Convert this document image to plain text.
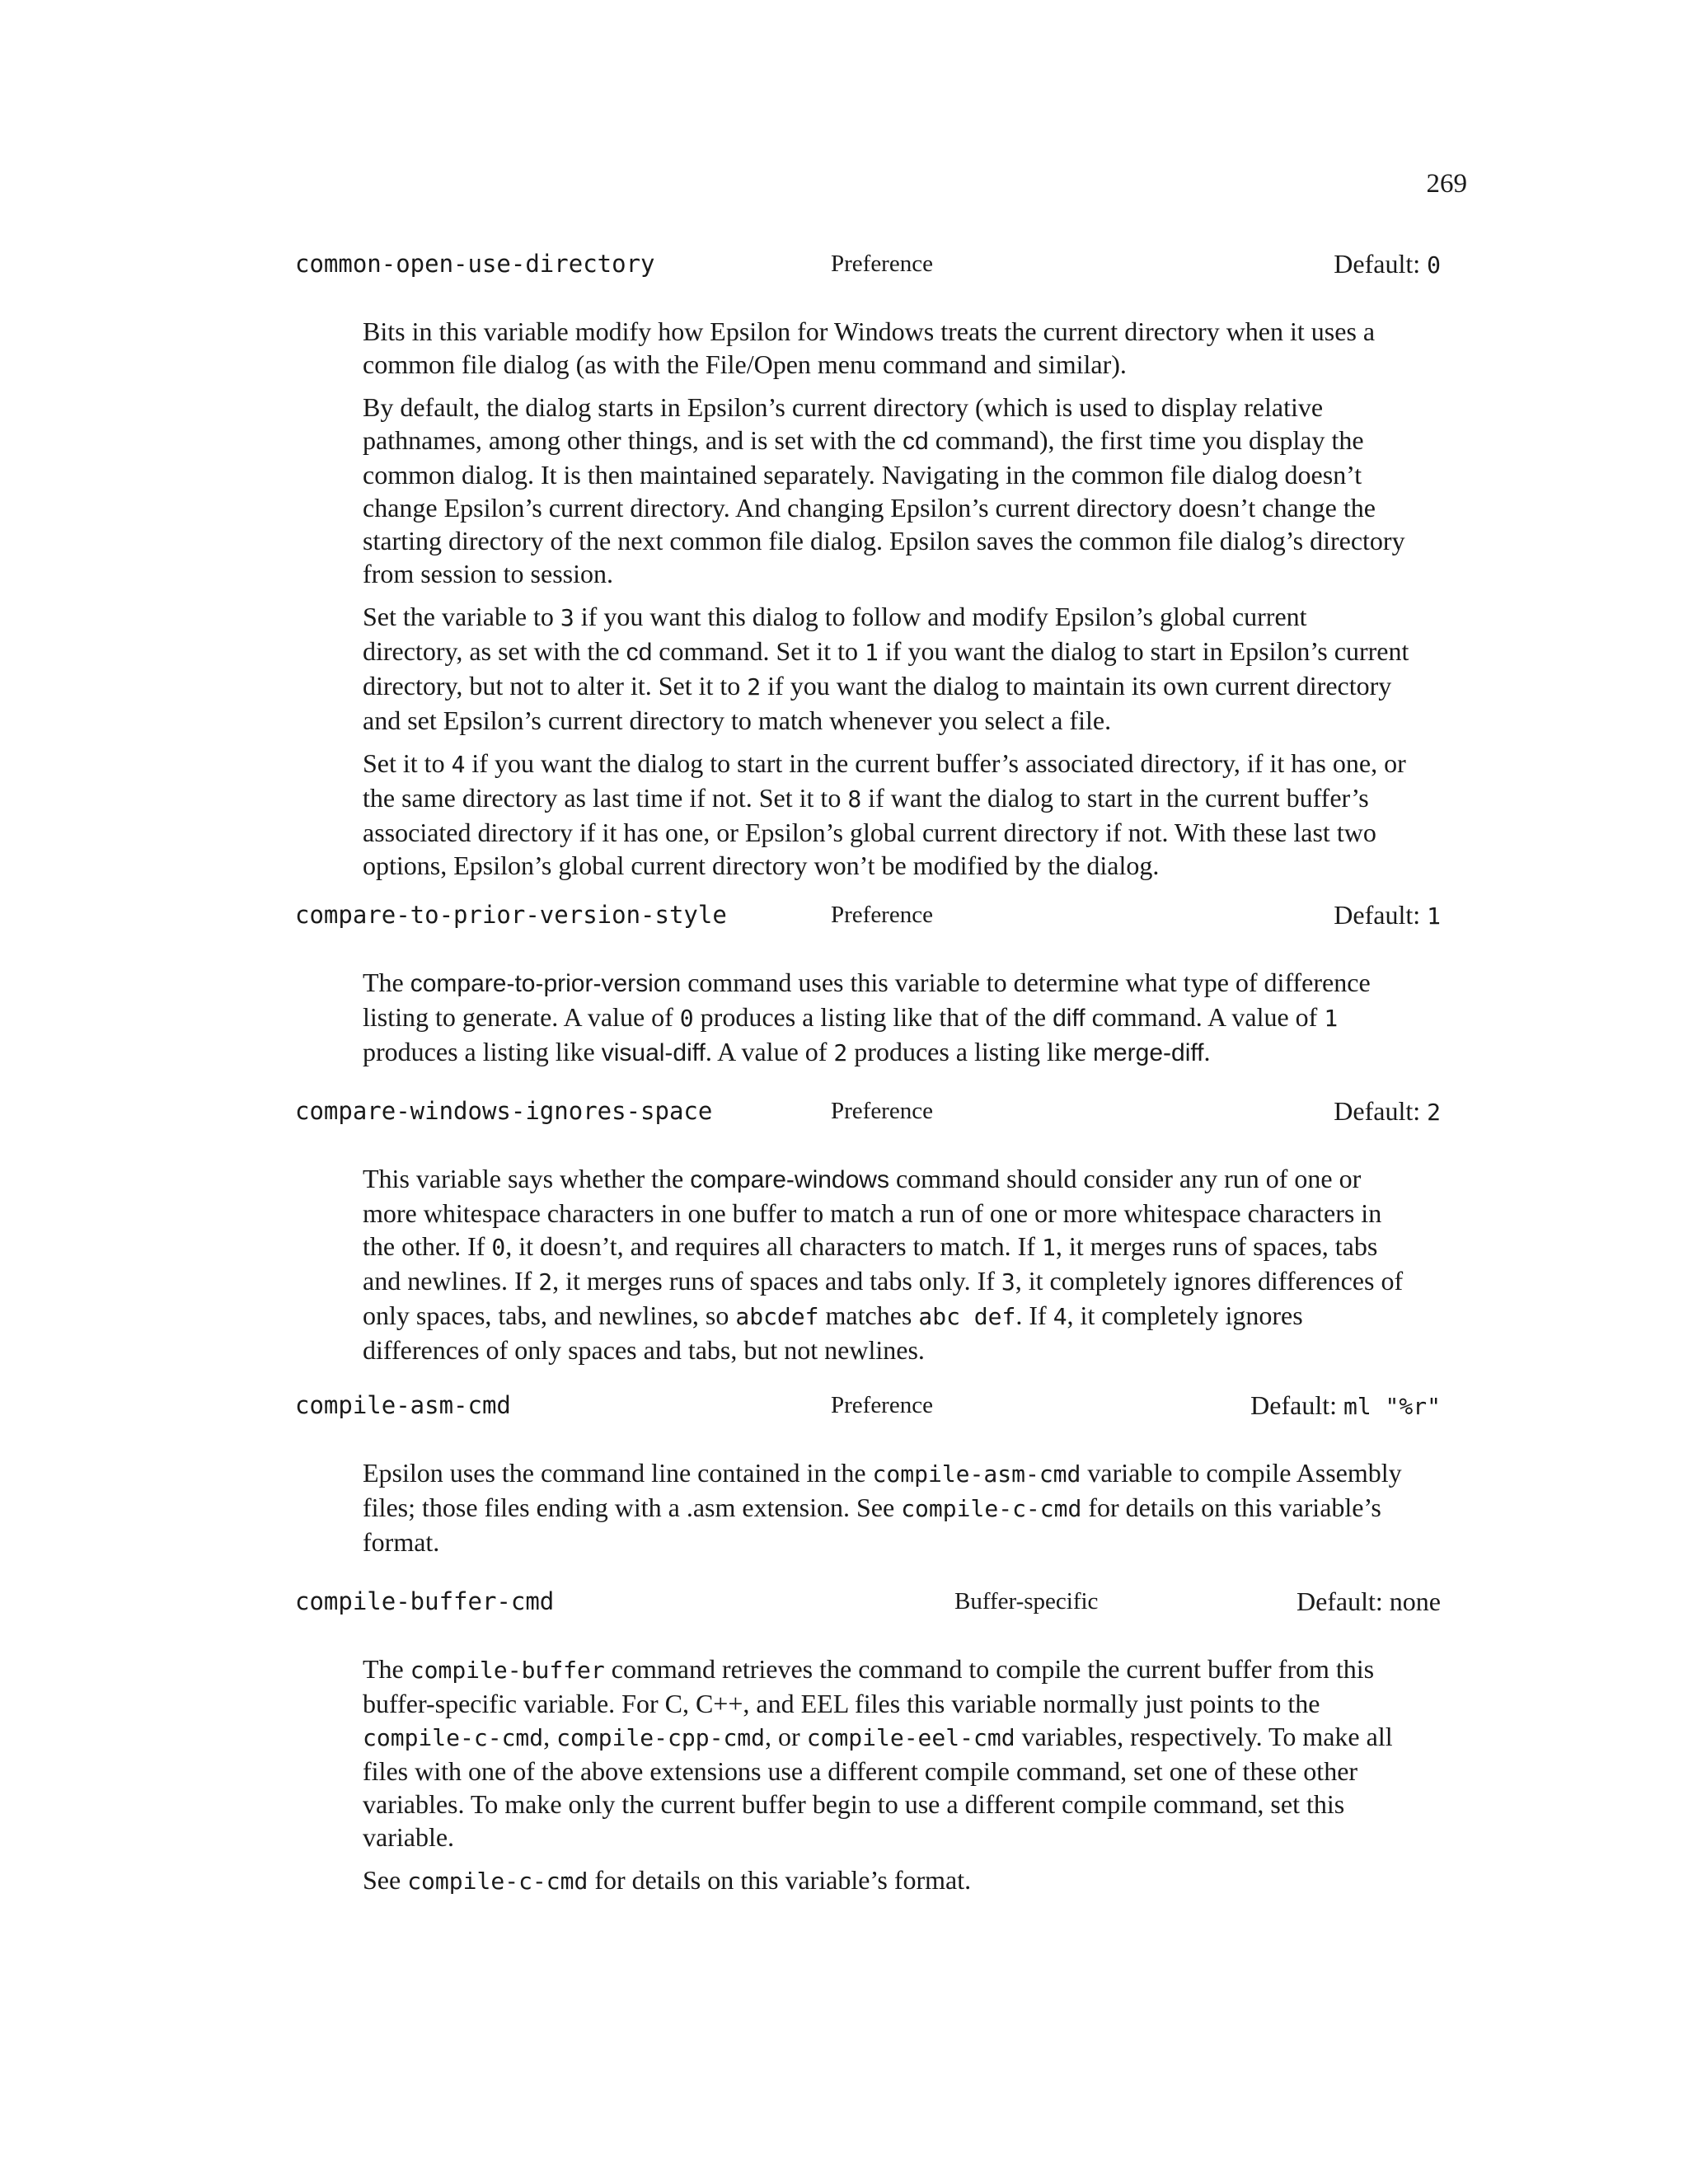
269
common-open-use-directory	Preference	Default: 0

Bits in this variable modify how Epsilon for Windows treats the current directory when it uses a common file dialog (as with the File/Open menu command and similar).

By default, the dialog starts in Epsilon’s current directory (which is used to display relative pathnames, among other things, and is set with the cd command), the first time you display the common dialog. It is then maintained separately. Navigating in the common file dialog doesn’t change Epsilon’s current directory. And changing Epsilon’s current directory doesn’t change the starting directory of the next common file dialog. Epsilon saves the common file dialog’s directory from session to session.

Set the variable to 3 if you want this dialog to follow and modify Epsilon’s global current directory, as set with the cd command. Set it to 1 if you want the dialog to start in Epsilon’s current directory, but not to alter it. Set it to 2 if you want the dialog to maintain its own current directory and set Epsilon’s current directory to match whenever you select a file.

Set it to 4 if you want the dialog to start in the current buffer’s associated directory, if it has one, or the same directory as last time if not. Set it to 8 if want the dialog to start in the current buffer’s associated directory if it has one, or Epsilon’s global current directory if not. With these last two options, Epsilon’s global current directory won’t be modified by the dialog.

compare-to-prior-version-style	Preference	Default: 1

The compare-to-prior-version command uses this variable to determine what type of difference listing to generate. A value of 0 produces a listing like that of the diff command. A value of 1 produces a listing like visual-diff. A value of 2 produces a listing like merge-diff.

compare-windows-ignores-space	Preference	Default: 2

This variable says whether the compare-windows command should consider any run of one or more whitespace characters in one buffer to match a run of one or more whitespace characters in the other. If 0, it doesn’t, and requires all characters to match. If 1, it merges runs of spaces, tabs and newlines. If 2, it merges runs of spaces and tabs only. If 3, it completely ignores differences of only spaces, tabs, and newlines, so abcdef matches abc def. If 4, it completely ignores differences of only spaces and tabs, but not newlines.

compile-asm-cmd	Preference	Default: ml "%r"

Epsilon uses the command line contained in the compile-asm-cmd variable to compile Assembly files; those files ending with a .asm extension. See compile-c-cmd for details on this variable’s format.

compile-buffer-cmd	Buffer-specific	Default: none

The compile-buffer command retrieves the command to compile the current buffer from this buffer-specific variable. For C, C++, and EEL files this variable normally just points to the compile-c-cmd, compile-cpp-cmd, or compile-eel-cmd variables, respectively. To make all files with one of the above extensions use a different compile command, set one of these other variables. To make only the current buffer begin to use a different compile command, set this variable.

See compile-c-cmd for details on this variable’s format.
